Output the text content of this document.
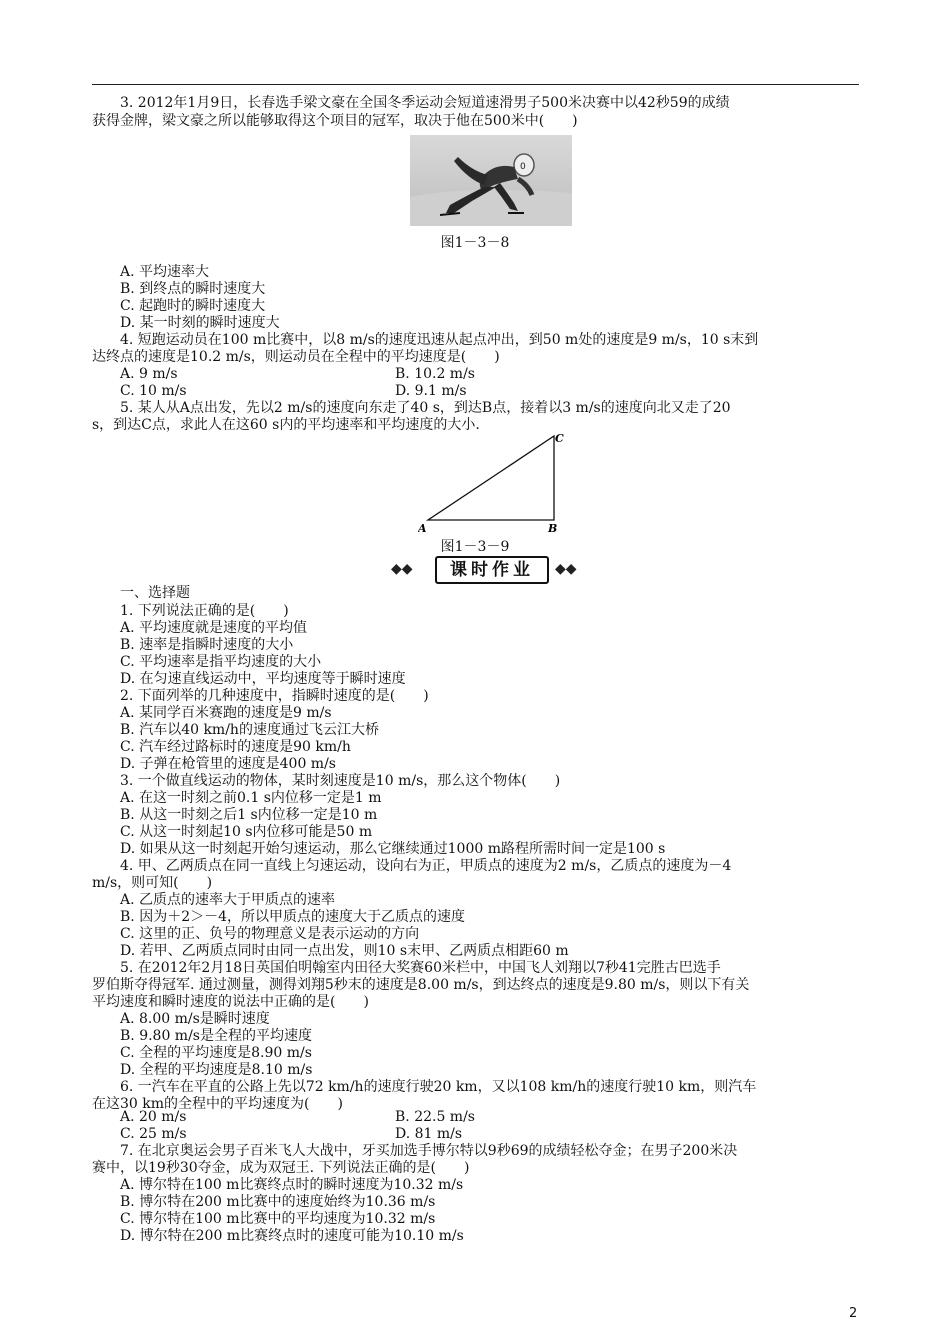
3. 2012年1月9日，长春选手梁文豪在全国冬季运动会短道速滑男子500米决赛中以42秒59的成绩
获得金牌，梁文豪之所以能够取得这个项目的冠军，取决于他在500米中(　　)
0
图1－3－8
A. 平均速率大
B. 到终点的瞬时速度大
C. 起跑时的瞬时速度大
D. 某一时刻的瞬时速度大
4. 短跑运动员在100 m比赛中，以8 m/s的速度迅速从起点冲出，到50 m处的速度是9 m/s，10 s末到
达终点的速度是10.2 m/s，则运动员在全程中的平均速度是(　　)
A. 9 m/s	B. 10.2 m/s
C. 10 m/s	D. 9.1 m/s
5. 某人从A点出发，先以2 m/s的速度向东走了40 s，到达B点，接着以3 m/s的速度向北又走了20
s，到达C点，求此人在这60 s内的平均速率和平均速度的大小.
A	B
C
图1－3－9
◆◆	课时作业	◆◆
一、选择题
1. 下列说法正确的是(　　)
A. 平均速度就是速度的平均值
B. 速率是指瞬时速度的大小
C. 平均速率是指平均速度的大小
D. 在匀速直线运动中，平均速度等于瞬时速度
2. 下面列举的几种速度中，指瞬时速度的是(　　)
A. 某同学百米赛跑的速度是9 m/s
B. 汽车以40 km/h的速度通过飞云江大桥
C. 汽车经过路标时的速度是90 km/h
D. 子弹在枪管里的速度是400 m/s
3. 一个做直线运动的物体，某时刻速度是10 m/s，那么这个物体(　　)
A. 在这一时刻之前0.1 s内位移一定是1 m
B. 从这一时刻之后1 s内位移一定是10 m
C. 从这一时刻起10 s内位移可能是50 m
D. 如果从这一时刻起开始匀速运动，那么它继续通过1000 m路程所需时间一定是100 s
4. 甲、乙两质点在同一直线上匀速运动，设向右为正，甲质点的速度为2 m/s，乙质点的速度为－4
m/s，则可知(　　)
A. 乙质点的速率大于甲质点的速率
B. 因为＋2＞－4，所以甲质点的速度大于乙质点的速度
C. 这里的正、负号的物理意义是表示运动的方向
D. 若甲、乙两质点同时由同一点出发，则10 s末甲、乙两质点相距60 m
5. 在2012年2月18日英国伯明翰室内田径大奖赛60米栏中，中国飞人刘翔以7秒41完胜古巴选手
罗伯斯夺得冠军. 通过测量，测得刘翔5秒末的速度是8.00 m/s，到达终点的速度是9.80 m/s，则以下有关
平均速度和瞬时速度的说法中正确的是(　　)
A. 8.00 m/s是瞬时速度
B. 9.80 m/s是全程的平均速度
C. 全程的平均速度是8.90 m/s
D. 全程的平均速度是8.10 m/s
6. 一汽车在平直的公路上先以72 km/h的速度行驶20 km，又以108 km/h的速度行驶10 km，则汽车
在这30 km的全程中的平均速度为(　　)
A. 20 m/s	B. 22.5 m/s
C. 25 m/s	D. 81 m/s
7. 在北京奥运会男子百米飞人大战中，牙买加选手博尔特以9秒69的成绩轻松夺金；在男子200米决
赛中，以19秒30夺金，成为双冠王. 下列说法正确的是(　　)
A. 博尔特在100 m比赛终点时的瞬时速度为10.32 m/s
B. 博尔特在200 m比赛中的速度始终为10.36 m/s
C. 博尔特在100 m比赛中的平均速度为10.32 m/s
D. 博尔特在200 m比赛终点时的速度可能为10.10 m/s
2
